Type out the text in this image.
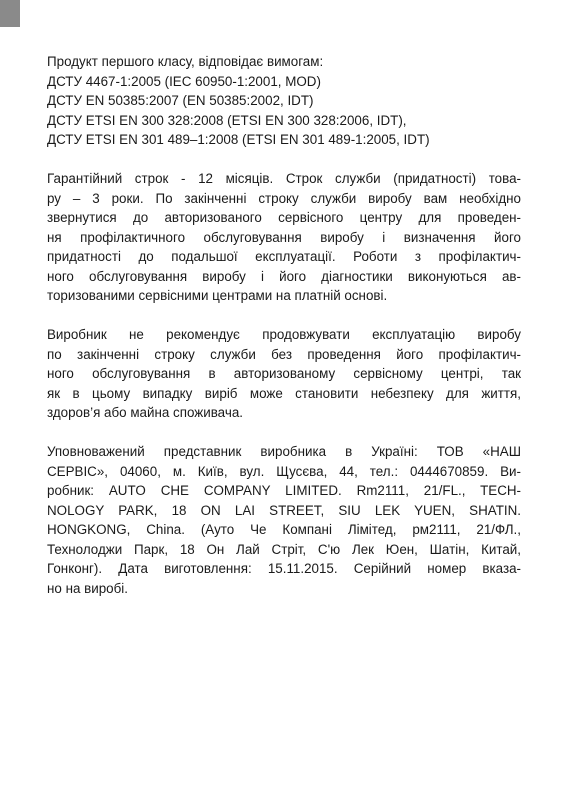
Продукт першого класу, відповідає вимогам:
ДСТУ 4467-1:2005 (IEC 60950-1:2001, MOD)
ДСТУ EN 50385:2007 (EN 50385:2002, IDT)
ДСТУ ETSI EN 300 328:2008 (ETSI EN 300 328:2006, IDT),
ДСТУ ETSI EN 301 489–1:2008 (ETSI EN 301 489-1:2005, IDT)
Гарантійний строк - 12 місяців. Строк служби (придатності) това-
ру – 3 роки. По закінченні строку служби виробу вам необхідно
звернутися до авторизованого сервісного центру для проведен-
ня профілактичного обслуговування виробу і визначення його
придатності до подальшої експлуатації. Роботи з профілактич-
ного обслуговування виробу і його діагностики виконуються ав-
торизованими сервісними центрами на платній основі.
Виробник не рекомендує продовжувати експлуатацію виробу
по закінченні строку служби без проведення його профілактич-
ного обслуговування в авторизованому сервісному центрі, так
як в цьому випадку виріб може становити небезпеку для життя,
здоров’я або майна споживача.
Уповноважений представник виробника в Україні: ТОВ «НАШ
СЕРВІС», 04060, м. Київ, вул. Щусєва, 44, тел.: 0444670859. Ви-
робник: AUTO CHE COMPANY LIMITED. Rm2111, 21/FL., TECH-
NOLOGY PARK, 18 ON LAI STREET, SIU LEK YUEN, SHATIN.
HONGKONG, China. (Ауто Че Компані Лімітед, рм2111, 21/ФЛ.,
Технолоджи Парк, 18 Он Лай Стріт, С'ю Лек Юен, Шатін, Китай,
Гонконг). Дата виготовлення: 15.11.2015. Серійний номер вказа-
но на виробі.
